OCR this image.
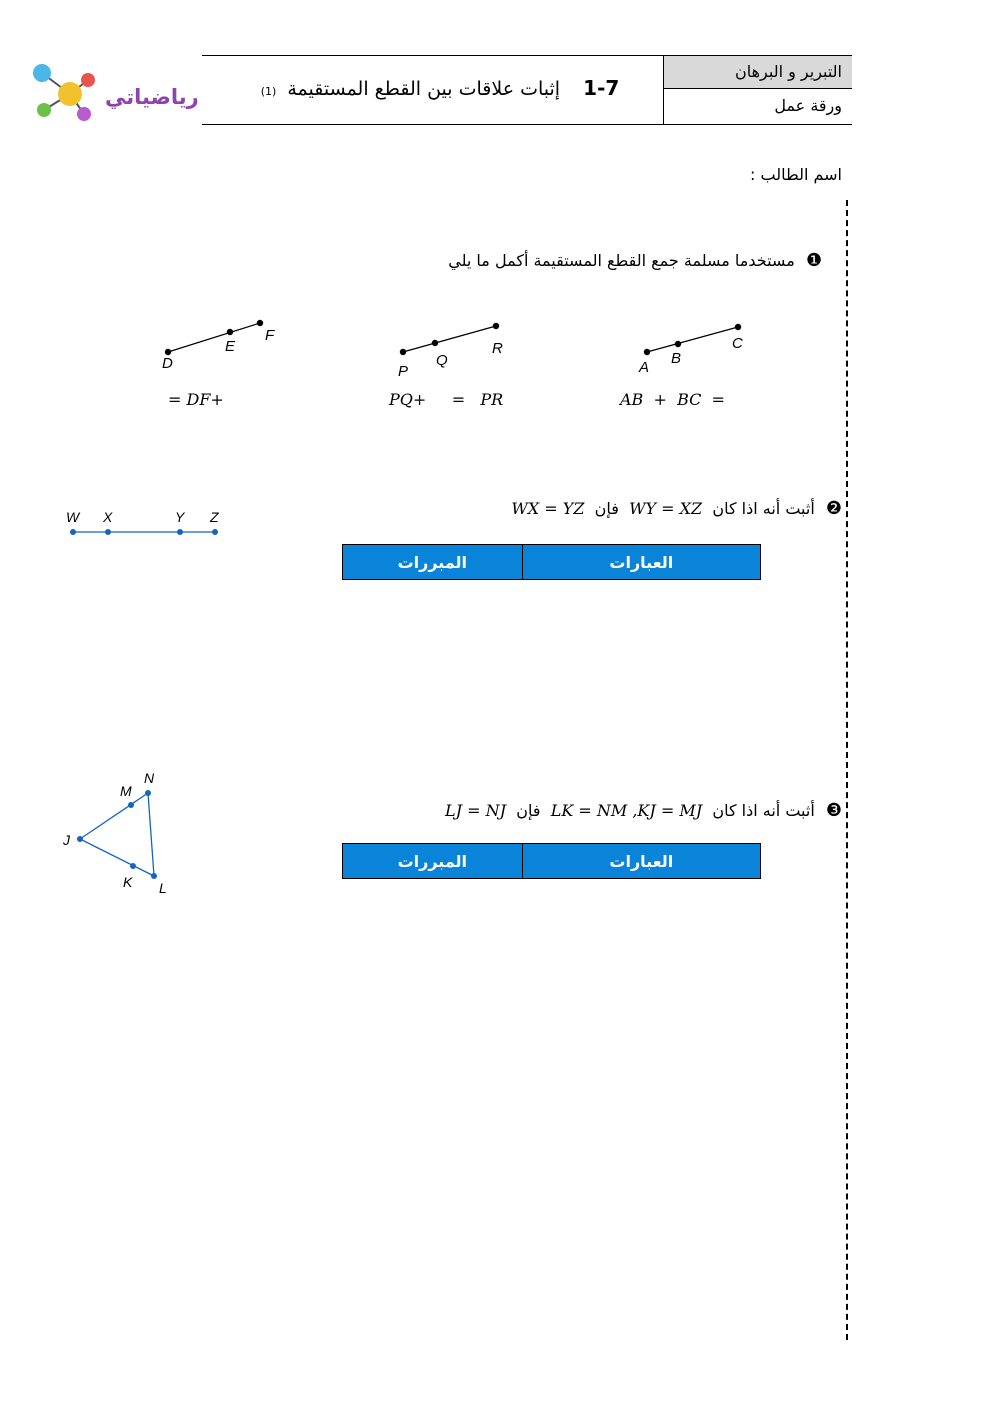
رياضياتي
التبرير و البرهان
ورقة عمل
1-7 إثبات علاقات بين القطع المستقيمة (1)
اسم الطالب :
❶ مستخدما مسلمة جمع القطع المستقيمة أكمل ما يلي
D
E
F
P
Q
R
A
B
C
= DF+	PQ+     =   PR	AB  +  BC  =
❷ أثبت أنه اذا كان  WY = XZ  فإن  WX = YZ
W X	Y Z
المبررات	العبارات
❸ أثبت أنه اذا كان  LK = NM ,KJ = MJ  فإن  LJ = NJ
N
M
J
K L
المبررات	العبارات
